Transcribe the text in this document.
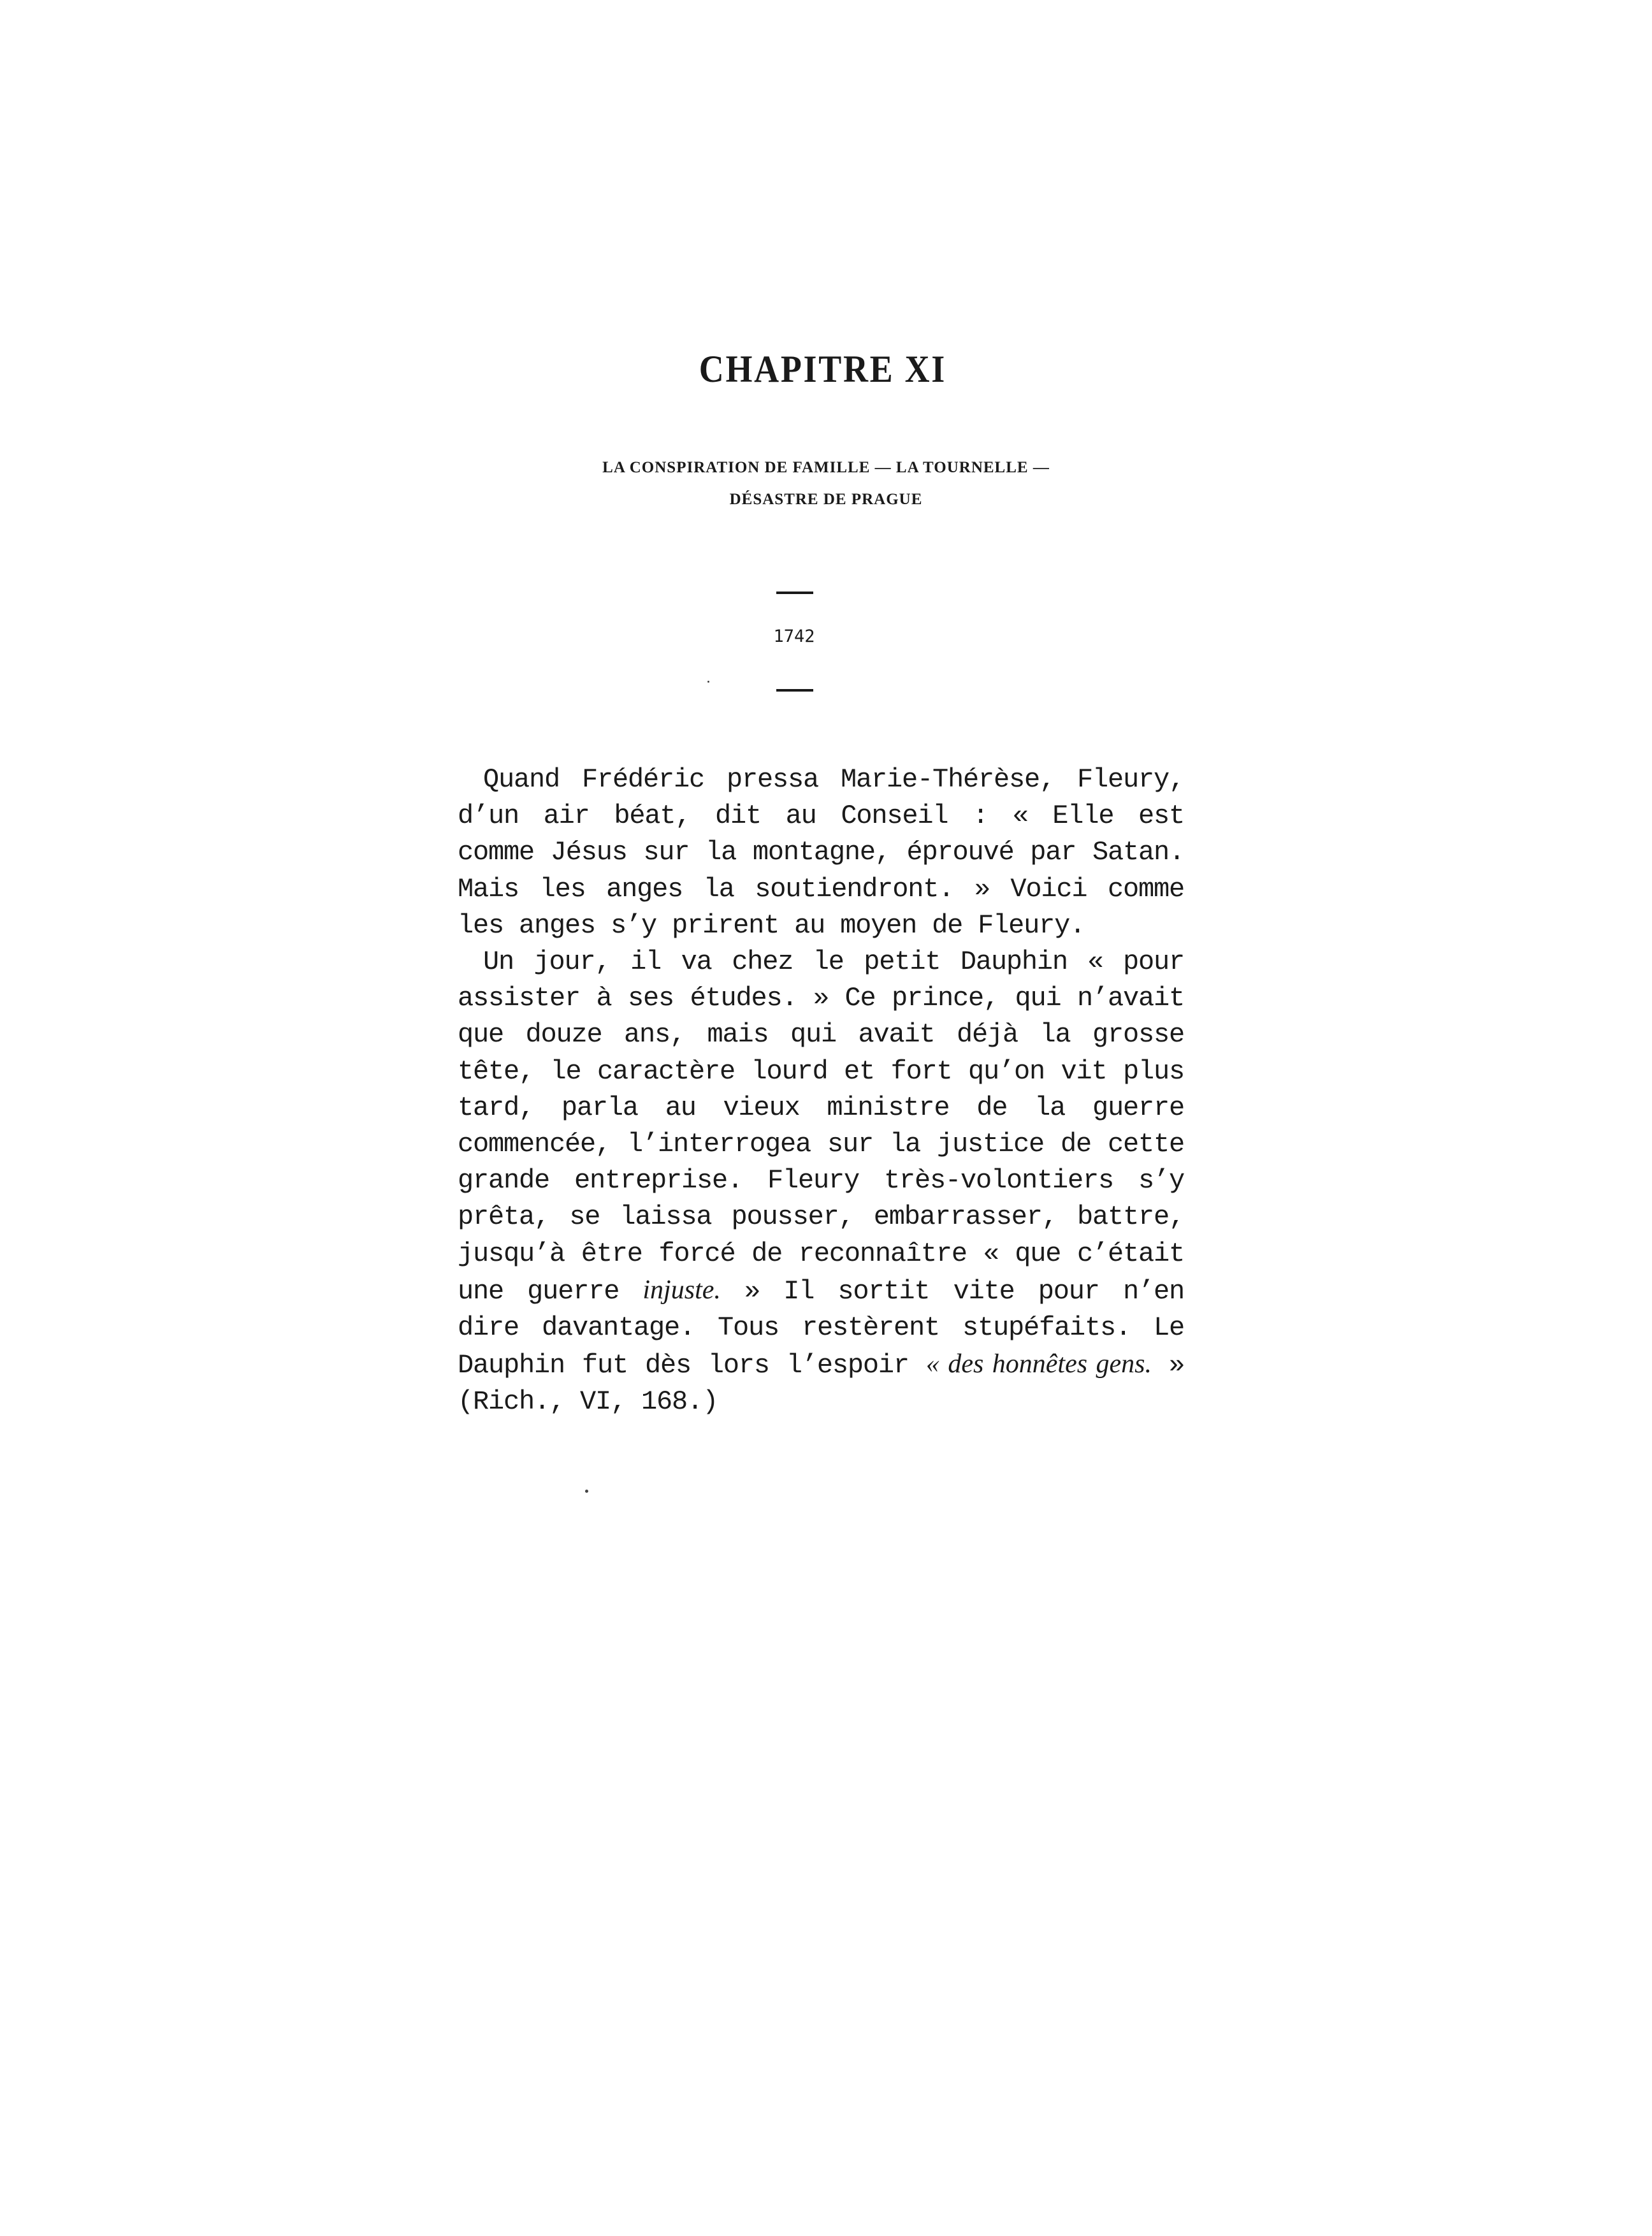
CHAPITRE XI
LA CONSPIRATION DE FAMILLE — LA TOURNELLE —
DÉSASTRE DE PRAGUE
1742

Quand Frédéric pressa Marie-Thérèse, Fleury, d’un air béat, dit au Conseil : « Elle est comme Jésus sur la montagne, éprouvé par Satan. Mais les anges la soutiendront. » Voici comme les anges s’y prirent au moyen de Fleury.

Un jour, il va chez le petit Dauphin « pour assister à ses études. » Ce prince, qui n’avait que douze ans, mais qui avait déjà la grosse tête, le caractère lourd et fort qu’on vit plus tard, parla au vieux ministre de la guerre commencée, l’interrogea sur la justice de cette grande entreprise. Fleury très-volontiers s’y prêta, se laissa pousser, embarrasser, battre, jusqu’à être forcé de reconnaître « que c’était une guerre injuste. » Il sortit vite pour n’en dire davantage. Tous restèrent stupéfaits. Le Dauphin fut dès lors l’espoir « des honnêtes gens. » (Rich., VI, 168.)
